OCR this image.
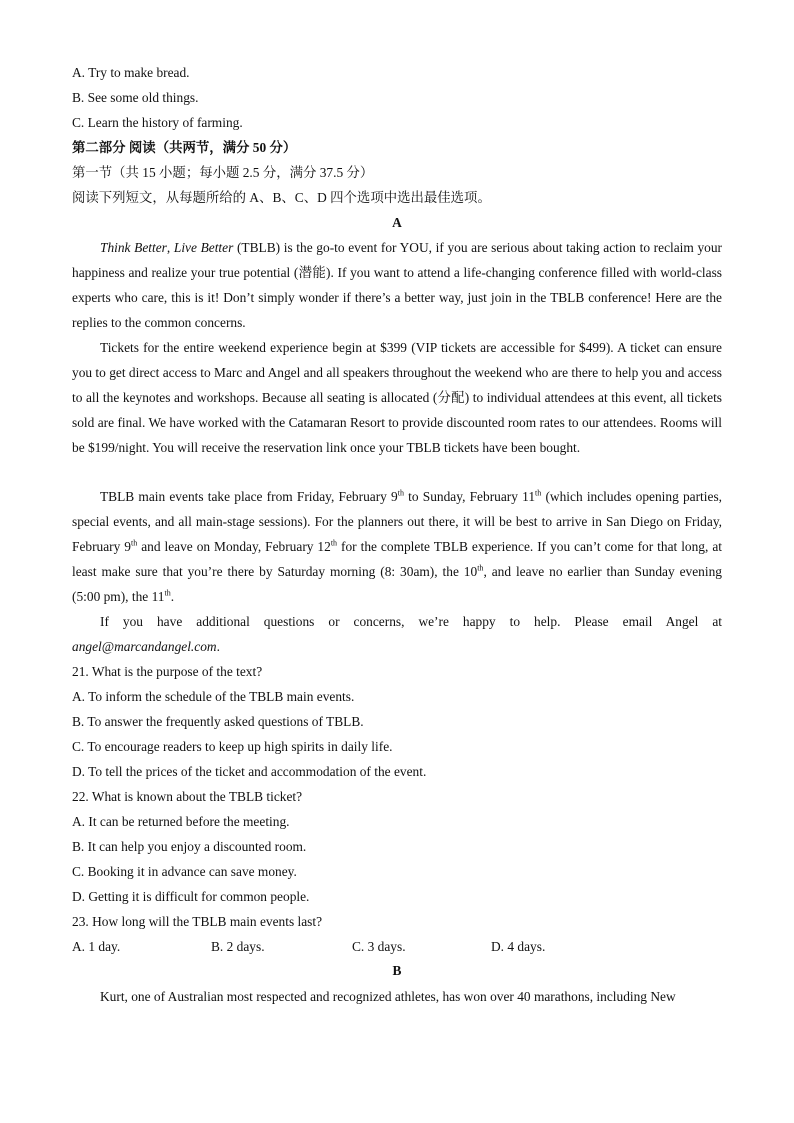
A. Try to make bread.
B. See some old things.
C. Learn the history of farming.
第二部分 阅读（共两节，满分 50 分）
第一节（共 15 小题；每小题 2.5 分，满分 37.5 分）
阅读下列短文，从每题所给的 A、B、C、D 四个选项中选出最佳选项。
A
Think Better, Live Better (TBLB) is the go-to event for YOU, if you are serious about taking action to reclaim your happiness and realize your true potential (潜能). If you want to attend a life-changing conference filled with world-class experts who care, this is it! Don’t simply wonder if there’s a better way, just join in the TBLB conference! Here are the replies to the common concerns.
Tickets for the entire weekend experience begin at $399 (VIP tickets are accessible for $499). A ticket can ensure you to get direct access to Marc and Angel and all speakers throughout the weekend who are there to help you and access to all the keynotes and workshops. Because all seating is allocated (分配) to individual attendees at this event, all tickets sold are final. We have worked with the Catamaran Resort to provide discounted room rates to our attendees. Rooms will be $199/night. You will receive the reservation link once your TBLB tickets have been bought.
TBLB main events take place from Friday, February 9th to Sunday, February 11th (which includes opening parties, special events, and all main-stage sessions). For the planners out there, it will be best to arrive in San Diego on Friday, February 9th and leave on Monday, February 12th for the complete TBLB experience. If you can’t come for that long, at least make sure that you’re there by Saturday morning (8: 30am), the 10th, and leave no earlier than Sunday evening (5:00 pm), the 11th.
If you have additional questions or concerns, we’re happy to help. Please email Angel at angel@marcandangel.com.
21. What is the purpose of the text?
A. To inform the schedule of the TBLB main events.
B. To answer the frequently asked questions of TBLB.
C. To encourage readers to keep up high spirits in daily life.
D. To tell the prices of the ticket and accommodation of the event.
22. What is known about the TBLB ticket?
A. It can be returned before the meeting.
B. It can help you enjoy a discounted room.
C. Booking it in advance can save money.
D. Getting it is difficult for common people.
23. How long will the TBLB main events last?
A. 1 day.	B. 2 days.	C. 3 days.	D. 4 days.
B
Kurt, one of Australian most respected and recognized athletes, has won over 40 marathons, including New
